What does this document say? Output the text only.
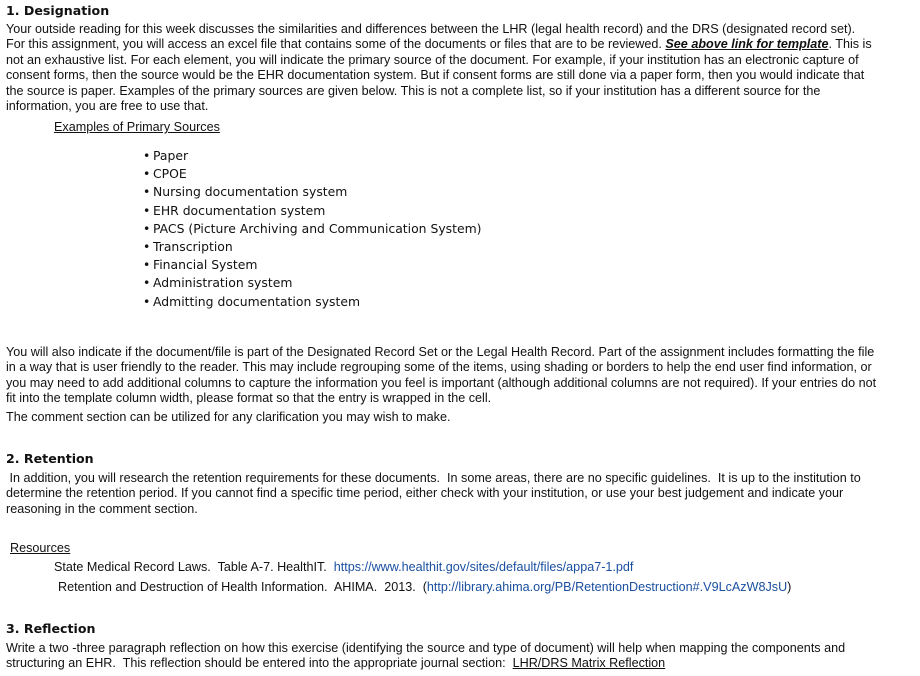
1. Designation

Your outside reading for this week discusses the similarities and differences between the LHR (legal health record) and the DRS (designated record set).

For this assignment, you will access an excel file that contains some of the documents or files that are to be reviewed. See above link for template. This is

not an exhaustive list. For each element, you will indicate the primary source of the document. For example, if your institution has an electronic capture of

consent forms, then the source would be the EHR documentation system. But if consent forms are still done via a paper form, then you would indicate that

the source is paper. Examples of the primary sources are given below. This is not a complete list, so if your institution has a different source for the

information, you are free to use that.

Examples of Primary Sources
• Paper
• CPOE
• Nursing documentation system
• EHR documentation system
• PACS (Picture Archiving and Communication System)
• Transcription
• Financial System
• Administration system
• Admitting documentation system

You will also indicate if the document/file is part of the Designated Record Set or the Legal Health Record. Part of the assignment includes formatting the file

in a way that is user friendly to the reader. This may include regrouping some of the items, using shading or borders to help the end user find information, or

you may need to add additional columns to capture the information you feel is important (although additional columns are not required). If your entries do not

fit into the template column width, please format so that the entry is wrapped in the cell.

The comment section can be utilized for any clarification you may wish to make.

2. Retention

In addition, you will research the retention requirements for these documents.  In some areas, there are no specific guidelines.  It is up to the institution to

determine the retention period. If you cannot find a specific time period, either check with your institution, or use your best judgement and indicate your

reasoning in the comment section.

Resources
State Medical Record Laws.  Table A-7. HealthIT.  https://www.healthit.gov/sites/default/files/appa7-1.pdf
Retention and Destruction of Health Information.  AHIMA.  2013.  (http://library.ahima.org/PB/RetentionDestruction#.V9LcAzW8JsU)
3. Reflection

Write a two -three paragraph reflection on how this exercise (identifying the source and type of document) will help when mapping the components and

structuring an EHR.  This reflection should be entered into the appropriate journal section:  LHR/DRS Matrix Reflection
